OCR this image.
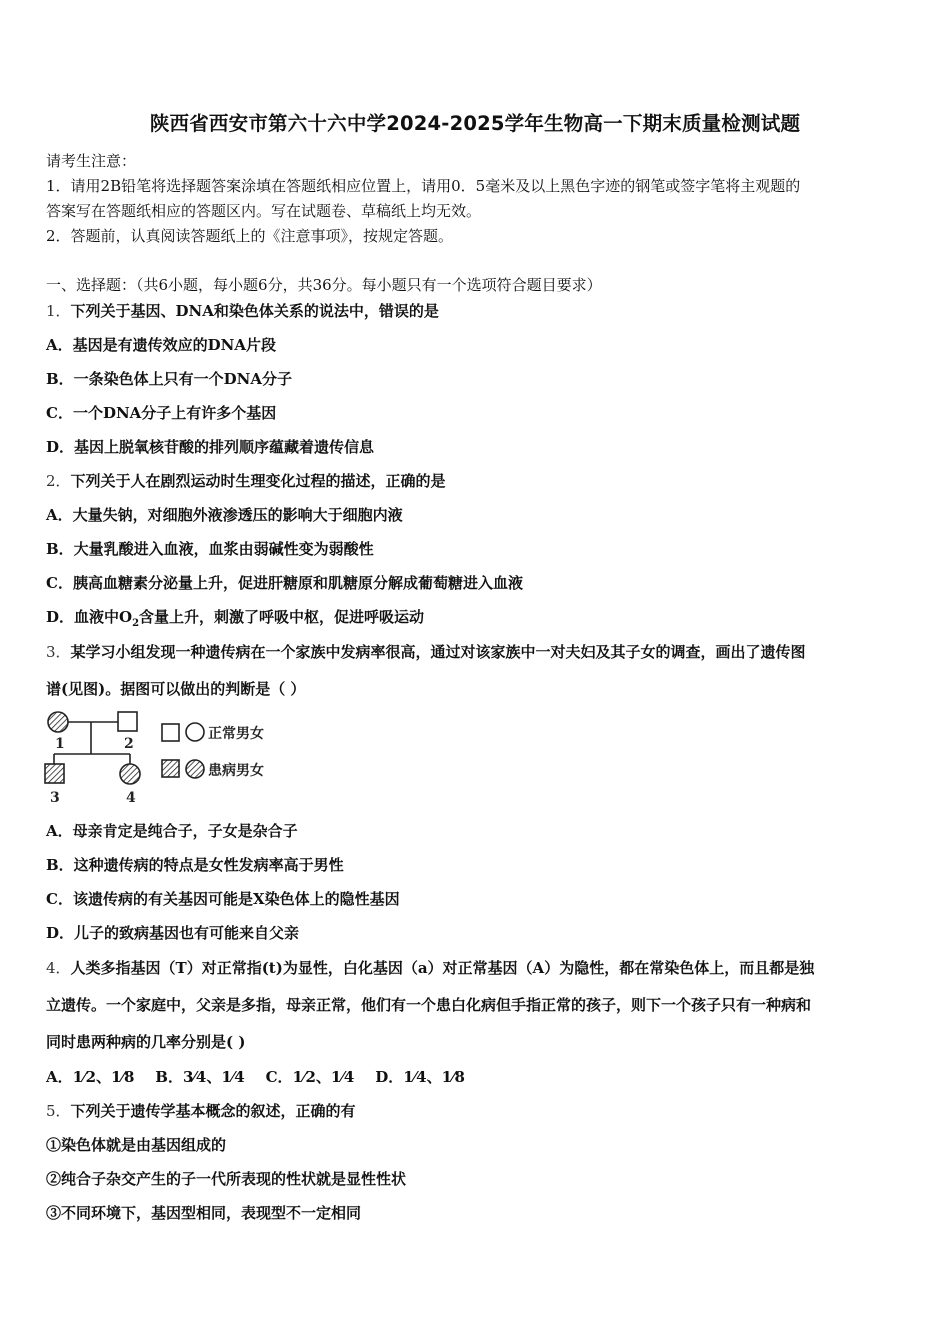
陕西省西安市第六十六中学2024-2025学年生物高一下期末质量检测试题
请考生注意：
1．请用2B铅笔将选择题答案涂填在答题纸相应位置上，请用0．5毫米及以上黑色字迹的钢笔或签字笔将主观题的
答案写在答题纸相应的答题区内。写在试题卷、草稿纸上均无效。
2．答题前，认真阅读答题纸上的《注意事项》，按规定答题。
一、选择题：（共6小题，每小题6分，共36分。每小题只有一个选项符合题目要求）
1．下列关于基因、DNA和染色体关系的说法中，错误的是
A．基因是有遗传效应的DNA片段
B．一条染色体上只有一个DNA分子
C．一个DNA分子上有许多个基因
D．基因上脱氧核苷酸的排列顺序蕴藏着遗传信息
2．下列关于人在剧烈运动时生理变化过程的描述，正确的是
A．大量失钠，对细胞外液渗透压的影响大于细胞内液
B．大量乳酸进入血液，血浆由弱碱性变为弱酸性
C．胰高血糖素分泌量上升，促进肝糖原和肌糖原分解成葡萄糖进入血液
D．血液中$O_2$含量上升，刺激了呼吸中枢，促进呼吸运动
3．某学习小组发现一种遗传病在一个家族中发病率很高，通过对该家族中一对夫妇及其子女的调查，画出了遗传图
谱(见图)。据图可以做出的判断是（ ）
1	2
3	4
正常男女
患病男女
A．母亲肯定是纯合子，子女是杂合子
B．这种遗传病的特点是女性发病率高于男性
C．该遗传病的有关基因可能是X染色体上的隐性基因
D．儿子的致病基因也有可能来自父亲
4．人类多指基因（T）对正常指(t)为显性，白化基因（a）对正常基因（A）为隐性，都在常染色体上，而且都是独
立遗传。一个家庭中，父亲是多指，母亲正常，他们有一个患白化病但手指正常的孩子，则下一个孩子只有一种病和
同时患两种病的几率分别是( )
A．1⁄2、1⁄8    B．3⁄4、1⁄4    C．1⁄2、1⁄4    D．1⁄4、1⁄8
5．下列关于遗传学基本概念的叙述，正确的有
①染色体就是由基因组成的
②纯合子杂交产生的子一代所表现的性状就是显性性状
③不同环境下，基因型相同，表现型不一定相同
